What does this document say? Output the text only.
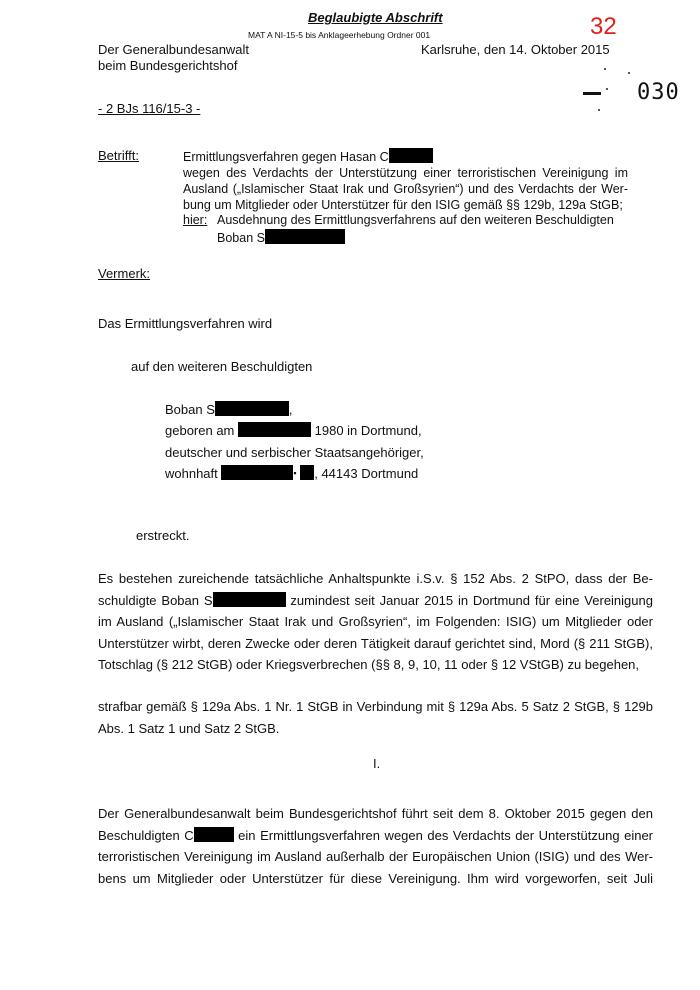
Beglaubigte Abschrift
MAT A NI-15-5 bis Anklageerhebung Ordner 001	32
Der Generalbundesanwalt
beim Bundesgerichtshof
Karlsruhe, den 14. Oktober 2015
030
- 2 BJs 116/15-3 -
Betrifft:	Ermittlungsverfahren gegen Hasan C
wegen des Verdachts der Unterstützung einer terroristischen Vereinigung im
Ausland („Islamischer Staat Irak und Großsyrien“) und des Verdachts der Wer-
bung um Mitglieder oder Unterstützer für den ISIG gemäß §§ 129b, 129a StGB;
hier: Ausdehnung des Ermittlungsverfahrens auf den weiteren Beschuldigten
Boban S
Vermerk:
Das Ermittlungsverfahren wird
auf den weiteren Beschuldigten
Boban S	,
geboren am	1980 in Dortmund,
deutscher und serbischer Staatsangehöriger,
wohnhaft	▪ , 44143 Dortmund
erstreckt.
Es bestehen zureichende tatsächliche Anhaltspunkte i.S.v. § 152 Abs. 2 StPO, dass der Be-
schuldigte Boban S	zumindest seit Januar 2015 in Dortmund für eine Vereinigung
im Ausland („Islamischer Staat Irak und Großsyrien“, im Folgenden: ISIG) um Mitglieder oder
Unterstützer wirbt, deren Zwecke oder deren Tätigkeit darauf gerichtet sind, Mord (§ 211 StGB),
Totschlag (§ 212 StGB) oder Kriegsverbrechen (§§ 8, 9, 10, 11 oder § 12 VStGB) zu begehen,
strafbar gemäß § 129a Abs. 1 Nr. 1 StGB in Verbindung mit § 129a Abs. 5 Satz 2 StGB, § 129b
Abs. 1 Satz 1 und Satz 2 StGB.
I.
Der Generalbundesanwalt beim Bundesgerichtshof führt seit dem 8. Oktober 2015 gegen den
Beschuldigten C	ein Ermittlungsverfahren wegen des Verdachts der Unterstützung einer
terroristischen Vereinigung im Ausland außerhalb der Europäischen Union (ISIG) und des Wer-
bens um Mitglieder oder Unterstützer für diese Vereinigung. Ihm wird vorgeworfen, seit Juli
